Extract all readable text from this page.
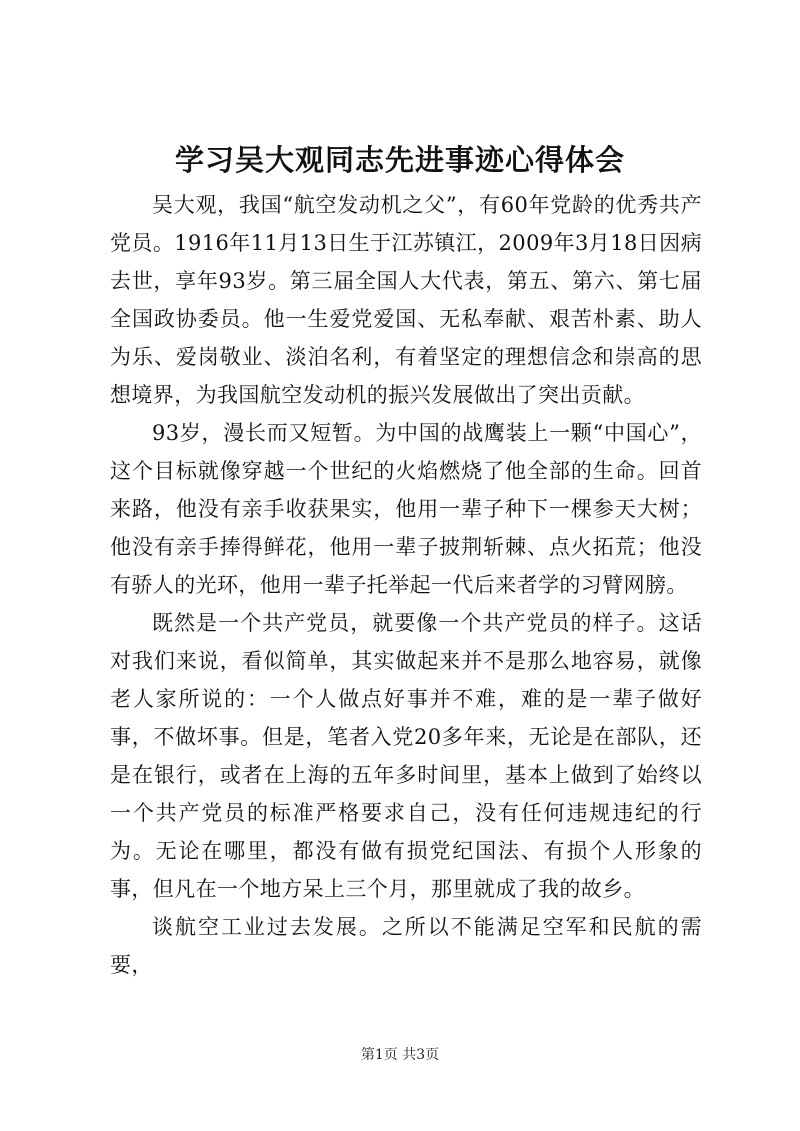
学习吴大观同志先进事迹心得体会

吴大观，我国“航空发动机之父”，有60年党龄的优秀共产党员。1916年11月13日生于江苏镇江，2009年3月18日因病去世，享年93岁。第三届全国人大代表，第五、第六、第七届全国政协委员。他一生爱党爱国、无私奉献、艰苦朴素、助人为乐、爱岗敬业、淡泊名利，有着坚定的理想信念和崇高的思想境界，为我国航空发动机的振兴发展做出了突出贡献。

93岁，漫长而又短暂。为中国的战鹰装上一颗“中国心”，这个目标就像穿越一个世纪的火焰燃烧了他全部的生命。回首来路，他没有亲手收获果实，他用一辈子种下一棵参天大树；他没有亲手捧得鲜花，他用一辈子披荆斩棘、点火拓荒；他没有骄人的光环，他用一辈子托举起一代后来者学的习臂网膀。

既然是一个共产党员，就要像一个共产党员的样子。这话对我们来说，看似简单，其实做起来并不是那么地容易，就像老人家所说的：一个人做点好事并不难，难的是一辈子做好事，不做坏事。但是，笔者入党20多年来，无论是在部队，还是在银行，或者在上海的五年多时间里，基本上做到了始终以一个共产党员的标准严格要求自己，没有任何违规违纪的行为。无论在哪里，都没有做有损党纪国法、有损个人形象的事，但凡在一个地方呆上三个月，那里就成了我的故乡。

谈航空工业过去发展。之所以不能满足空军和民航的需要，

第1页 共3页
